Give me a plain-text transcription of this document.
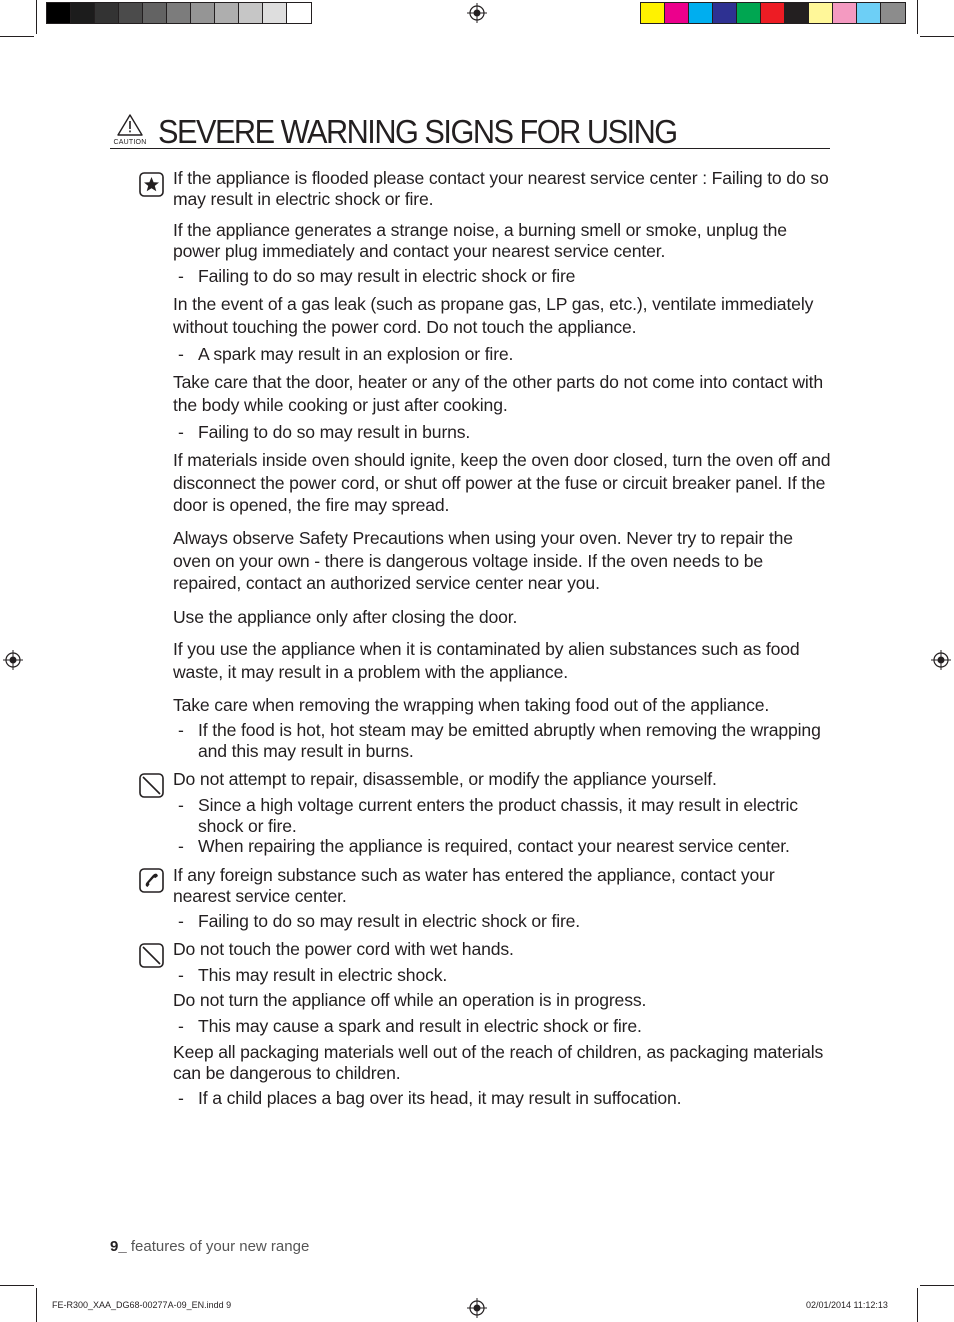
CAUTION SEVERE WARNING SIGNS FOR USING

If the appliance is flooded please contact your nearest service center : Failing to do so may result in electric shock or fire.

If the appliance generates a strange noise, a burning smell or smoke, unplug the power plug immediately and contact your nearest service center.

- Failing to do so may result in electric shock or fire

In the event of a gas leak (such as propane gas, LP gas, etc.), ventilate immediately without touching the power cord. Do not touch the appliance.

- A spark may result in an explosion or fire.

Take care that the door, heater or any of the other parts do not come into contact with the body while cooking or just after cooking.

- Failing to do so may result in burns.

If materials inside oven should ignite, keep the oven door closed, turn the oven off and disconnect the power cord, or shut off power at the fuse or circuit breaker panel. If the door is opened, the fire may spread.

Always observe Safety Precautions when using your oven. Never try to repair the oven on your own - there is dangerous voltage inside. If the oven needs to be repaired, contact an authorized service center near you.

Use the appliance only after closing the door.

If you use the appliance when it is contaminated by alien substances such as food waste, it may result in a problem with the appliance.

Take care when removing the wrapping when taking food out of the appliance.

- If the food is hot, hot steam may be emitted abruptly when removing the wrapping and this may result in burns.

Do not attempt to repair, disassemble, or modify the appliance yourself.

- Since a high voltage current enters the product chassis, it may result in electric shock or fire.

- When repairing the appliance is required, contact your nearest service center.

If any foreign substance such as water has entered the appliance, contact your nearest service center.

- Failing to do so may result in electric shock or fire.

Do not touch the power cord with wet hands.

- This may result in electric shock.

Do not turn the appliance off while an operation is in progress.

- This may cause a spark and result in electric shock or fire.

Keep all packaging materials well out of the reach of children, as packaging materials can be dangerous to children.

- If a child places a bag over its head, it may result in suffocation.

9_ features of your new range
FE-R300_XAA_DG68-00277A-09_EN.indd 9	02/01/2014 11:12:13
